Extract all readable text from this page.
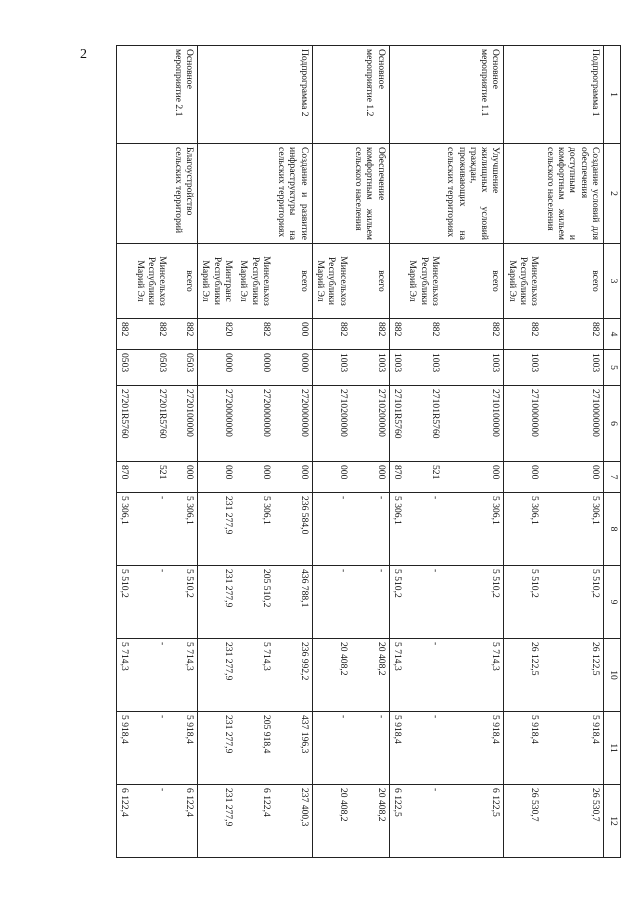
2
1	2	3	4	5	6	7	8	9	10	11	12
Подпрограмма 1	Создание условий для обеспечения доступным и комфортным жильем сельского населения	всего	882	1003	2710000000	000	5 306,1	5 510,2	26 122,5	5 918,4	26 530,7
		Минсельхоз Республики Марий Эл	882	1003	2710000000	000	5 306,1	5 510,2	26 122,5	5 918,4	26 530,7
Основное мероприятие 1.1	Улучшение жилищных условий граждан, проживающих на сельских территориях	всего	882	1003	2710100000	000	5 306,1	5 510,2	5 714,3	5 918,4	6 122,5
		Минсельхоз Республики Марий Эл	882	1003	27101R5760	521	-	-	-	-	-
			882	1003	27101R5760	870	5 306,1	5 510,2	5 714,3	5 918,4	6 122,5
Основное мероприятие 1.2	Обеспечение комфортным жильем сельского населения	всего	882	1003	2710200000	000	-	-	20 408,2	-	20 408,2
		Минсельхоз Республики Марий Эл	882	1003	2710200000	000	-	-	20 408,2	-	20 408,2
Подпрограмма 2	Создание и развитие инфраструктуры на сельских территориях	всего	000	0000	2720000000	000	236 584,0	436 788,1	236 992,2	437 196,3	237 400,3
		Минсельхоз Республики Марий Эл	882	0000	2720000000	000	5 306,1	205 510,2	5 714,3	205 918,4	6 122,4
		Минтранс Республики Марий Эл	820	0000	2720000000	000	231 277,9	231 277,9	231 277,9	231 277,9	231 277,9
Основное мероприятие 2.1	Благоустройство сельских территорий	всего	882	0503	2720100000	000	5 306,1	5 510,2	5 714,3	5 918,4	6 122,4
		Минсельхоз Республики Марий Эл	882	0503	27201R5760	521	-	-	-	-	-
			882	0503	27201R5760	870	5 306,1	5 510,2	5 714,3	5 918,4	6 122,4
